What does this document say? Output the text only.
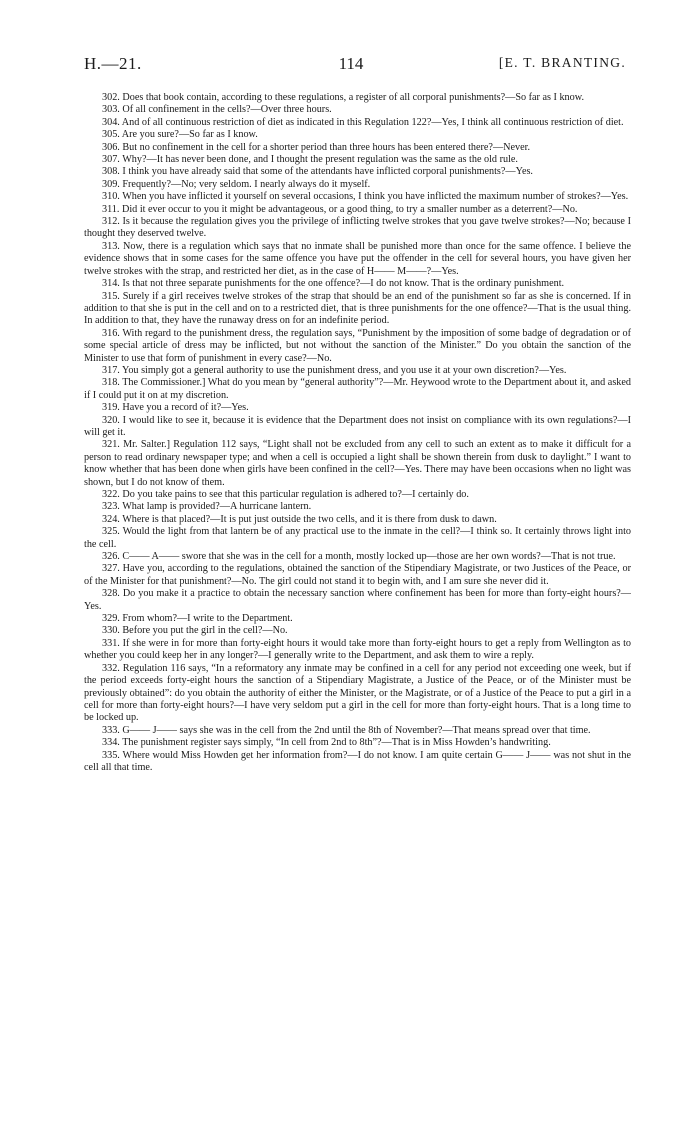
H.—21.	114	[E. T. BRANTING.

302. Does that book contain, according to these regulations, a register of all corporal punishments?—So far as I know.

303. Of all confinement in the cells?—Over three hours.

304. And of all continuous restriction of diet as indicated in this Regulation 122?—Yes, I think all continuous restriction of diet.

305. Are you sure?—So far as I know.

306. But no confinement in the cell for a shorter period than three hours has been entered there?—Never.

307. Why?—It has never been done, and I thought the present regulation was the same as the old rule.

308. I think you have already said that some of the attendants have inflicted corporal punishments?—Yes.

309. Frequently?—No; very seldom. I nearly always do it myself.

310. When you have inflicted it yourself on several occasions, I think you have inflicted the maximum number of strokes?—Yes.

311. Did it ever occur to you it might be advantageous, or a good thing, to try a smaller number as a deterrent?—No.

312. Is it because the regulation gives you the privilege of inflicting twelve strokes that you gave twelve strokes?—No; because I thought they deserved twelve.

313. Now, there is a regulation which says that no inmate shall be punished more than once for the same offence. I believe the evidence shows that in some cases for the same offence you have put the offender in the cell for several hours, you have given her twelve strokes with the strap, and restricted her diet, as in the case of H—— M——?—Yes.

314. Is that not three separate punishments for the one offence?—I do not know. That is the ordinary punishment.

315. Surely if a girl receives twelve strokes of the strap that should be an end of the punishment so far as she is concerned. If in addition to that she is put in the cell and on to a restricted diet, that is three punishments for the one offence?—That is the usual thing. In addition to that, they have the runaway dress on for an indefinite period.

316. With regard to the punishment dress, the regulation says, “Punishment by the imposition of some badge of degradation or of some special article of dress may be inflicted, but not without the sanction of the Minister.” Do you obtain the sanction of the Minister to use that form of punishment in every case?—No.

317. You simply got a general authority to use the punishment dress, and you use it at your own discretion?—Yes.

318. The Commissioner.] What do you mean by “general authority”?—Mr. Heywood wrote to the Department about it, and asked if I could put it on at my discretion.

319. Have you a record of it?—Yes.

320. I would like to see it, because it is evidence that the Department does not insist on compliance with its own regulations?—I will get it.

321. Mr. Salter.] Regulation 112 says, “Light shall not be excluded from any cell to such an extent as to make it difficult for a person to read ordinary newspaper type; and when a cell is occupied a light shall be shown therein from dusk to daylight.” I want to know whether that has been done when girls have been confined in the cell?—Yes. There may have been occasions when no light was shown, but I do not know of them.

322. Do you take pains to see that this particular regulation is adhered to?—I certainly do.

323. What lamp is provided?—A hurricane lantern.

324. Where is that placed?—It is put just outside the two cells, and it is there from dusk to dawn.

325. Would the light from that lantern be of any practical use to the inmate in the cell?—I think so. It certainly throws light into the cell.

326. C—— A—— swore that she was in the cell for a month, mostly locked up—those are her own words?—That is not true.

327. Have you, according to the regulations, obtained the sanction of the Stipendiary Magistrate, or two Justices of the Peace, or of the Minister for that punishment?—No. The girl could not stand it to begin with, and I am sure she never did it.

328. Do you make it a practice to obtain the necessary sanction where confinement has been for more than forty-eight hours?—Yes.

329. From whom?—I write to the Department.

330. Before you put the girl in the cell?—No.

331. If she were in for more than forty-eight hours it would take more than forty-eight hours to get a reply from Wellington as to whether you could keep her in any longer?—I generally write to the Department, and ask them to wire a reply.

332. Regulation 116 says, “In a reformatory any inmate may be confined in a cell for any period not exceeding one week, but if the period exceeds forty-eight hours the sanction of a Stipendiary Magistrate, a Justice of the Peace, or of the Minister must be previously obtained”: do you obtain the authority of either the Minister, or the Magistrate, or of a Justice of the Peace to put a girl in a cell for more than forty-eight hours?—I have very seldom put a girl in the cell for more than forty-eight hours. That is a long time to be locked up.

333. G—— J—— says she was in the cell from the 2nd until the 8th of November?—That means spread over that time.

334. The punishment register says simply, “In cell from 2nd to 8th”?—That is in Miss Howden’s handwriting.

335. Where would Miss Howden get her information from?—I do not know. I am quite certain G—— J—— was not shut in the cell all that time.
